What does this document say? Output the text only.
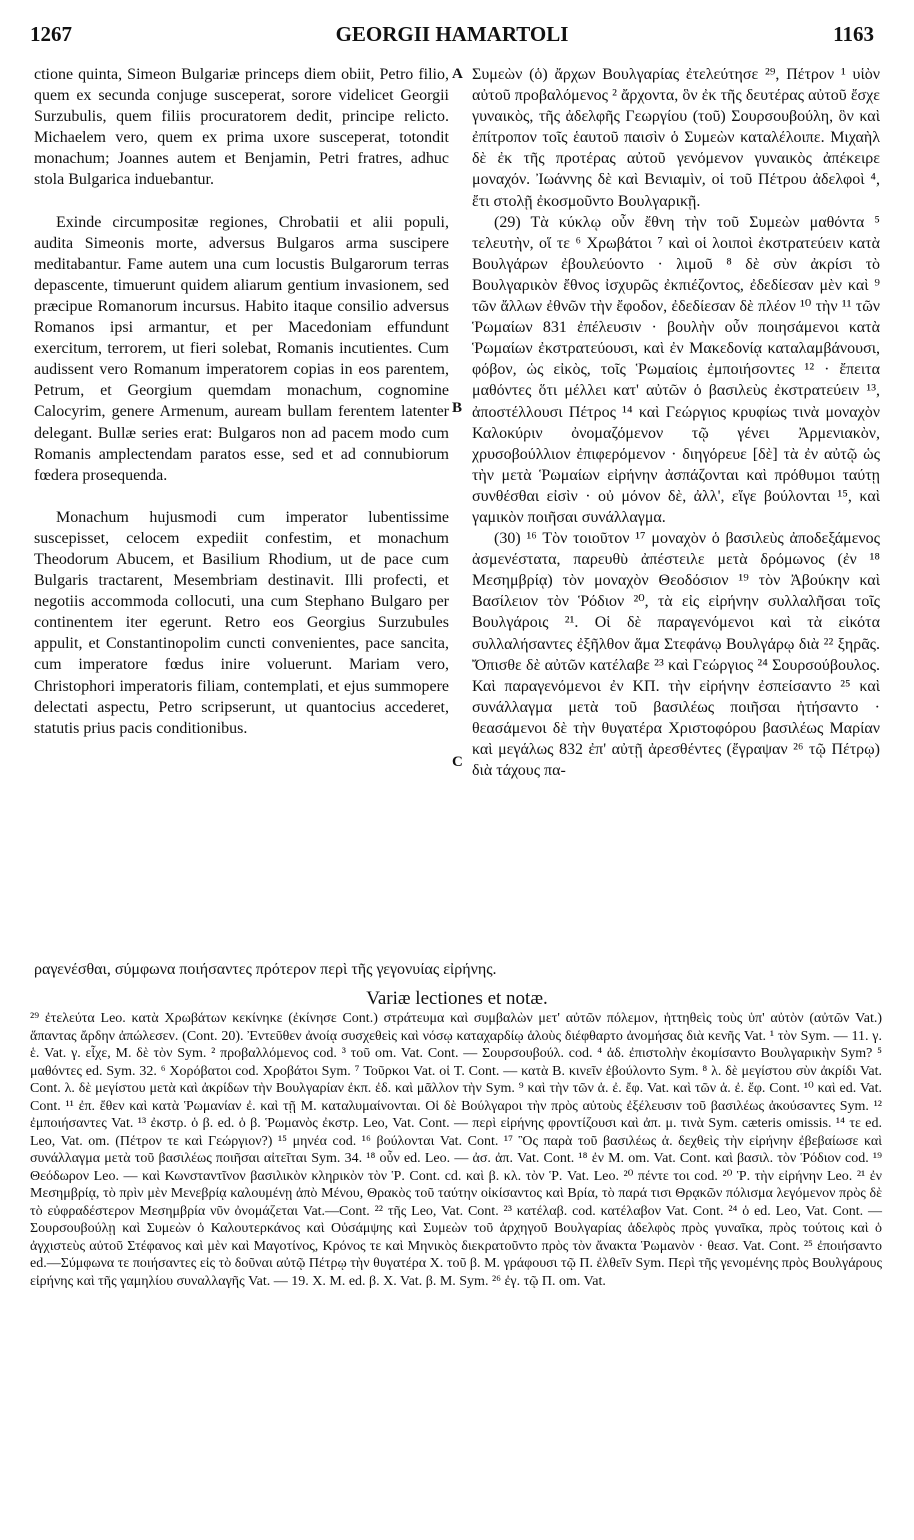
1267	GEORGII HAMARTOLI	1163
A
B
C

ctione quinta, Simeon Bulgariæ princeps diem obiit, Petro filio, quem ex secunda conjuge susceperat, sorore videlicet Georgii Surzubulis, quem filiis procuratorem dedit, principe relicto. Michaelem vero, quem ex prima uxore susceperat, totondit monachum; Joannes autem et Benjamin, Petri fratres, adhuc stola Bulgarica induebantur.

Exinde circumpositæ regiones, Chrobatii et alii populi, audita Simeonis morte, adversus Bulgaros arma suscipere meditabantur. Fame autem una cum locustis Bulgarorum terras depascente, timuerunt quidem aliarum gentium invasionem, sed præcipue Romanorum incursus. Habito itaque consilio adversus Romanos ipsi armantur, et per Macedoniam effundunt exercitum, terrorem, ut fieri solebat, Romanis incutientes. Cum audissent vero Romanum imperatorem copias in eos parentem, Petrum, et Georgium quemdam monachum, cognomine Calocyrim, genere Armenum, auream bullam ferentem latenter delegant. Bullæ series erat: Bulgaros non ad pacem modo cum Romanis amplectendam paratos esse, sed et ad connubiorum fœdera prosequenda.

Monachum hujusmodi cum imperator lubentissime suscepisset, celocem expediit confestim, et monachum Theodorum Abucem, et Basilium Rhodium, ut de pace cum Bulgaris tractarent, Mesembriam destinavit. Illi profecti, et negotiis accommoda collocuti, una cum Stephano Bulgaro per continentem iter egerunt. Retro eos Georgius Surzubules appulit, et Constantinopolim cuncti convenientes, pace sancita, cum imperatore fœdus inire voluerunt. Mariam vero, Christophori imperatoris filiam, contemplati, et ejus summopere delectati aspectu, Petro scripserunt, ut quantocius accederet, statutis prius pacis conditionibus.

Συμεὼν (ὁ) ἄρχων Βουλγαρίας ἐτελεύτησε ²⁹, Πέτρον ¹ υἱὸν αὐτοῦ προβαλόμενος ² ἄρχοντα, ὃν ἐκ τῆς δευτέρας αὐτοῦ ἔσχε γυναικὸς, τῆς ἀδελφῆς Γεωργίου (τοῦ) Σουρσουβούλη, ὃν καὶ ἐπίτροπον τοῖς ἑαυτοῦ παισὶν ὁ Συμεὼν καταλέλοιπε. Μιχαὴλ δὲ ἐκ τῆς προτέρας αὐτοῦ γενόμενον γυναικὸς ἀπέκειρε μοναχόν. Ἰωάννης δὲ καὶ Βενιαμὶν, οἱ τοῦ Πέτρου ἀδελφοὶ ⁴, ἔτι στολῇ ἐκοσμοῦντο Βουλγαρικῇ.

(29) Τὰ κύκλῳ οὖν ἔθνη τὴν τοῦ Συμεὼν μαθόντα ⁵ τελευτὴν, οἵ τε ⁶ Χρωβάτοι ⁷ καὶ οἱ λοιποὶ ἐκστρατεύειν κατὰ Βουλγάρων ἐβουλεύοντο · λιμοῦ ⁸ δὲ σὺν ἀκρίσι τὸ Βουλγαρικὸν ἔθνος ἰσχυρῶς ἐκπιέζοντος, ἐδεδίεσαν μὲν καὶ ⁹ τῶν ἄλλων ἐθνῶν τὴν ἔφοδον, ἐδεδίεσαν δὲ πλέον ¹⁰ τὴν ¹¹ τῶν Ῥωμαίων 831 ἐπέλευσιν · βουλὴν οὖν ποιησάμενοι κατὰ Ῥωμαίων ἐκστρατεύουσι, καὶ ἐν Μακεδονίᾳ καταλαμβάνουσι, φόβον, ὡς εἰκὸς, τοῖς Ῥωμαίοις ἐμποιήσοντες ¹² · ἔπειτα μαθόντες ὅτι μέλλει κατ' αὐτῶν ὁ βασιλεὺς ἐκστρατεύειν ¹³, ἀποστέλλουσι Πέτρος ¹⁴ καὶ Γεώργιος κρυφίως τινὰ μοναχὸν Καλοκύριν ὀνομαζόμενον τῷ γένει Ἀρμενιακὸν, χρυσοβούλλιον ἐπιφερόμενον · διηγόρευε [δὲ] τὰ ἐν αὐτῷ ὡς τὴν μετὰ Ῥωμαίων εἰρήνην ἀσπάζονται καὶ πρόθυμοι ταύτῃ συνθέσθαι εἰσὶν · οὐ μόνον δὲ, ἀλλ', εἴγε βούλονται ¹⁵, καὶ γαμικὸν ποιῆσαι συνάλλαγμα.

(30) ¹⁶ Τὸν τοιοῦτον ¹⁷ μοναχὸν ὁ βασιλεὺς ἀποδεξάμενος ἀσμενέστατα, παρευθὺ ἀπέστειλε μετὰ δρόμωνος (ἐν ¹⁸ Μεσημβρίᾳ) τὸν μοναχὸν Θεοδόσιον ¹⁹ τὸν Ἀβούκην καὶ Βασίλειον τὸν Ῥόδιον ²⁰, τὰ εἰς εἰρήνην συλλαλῆσαι τοῖς Βουλγάροις ²¹. Οἱ δὲ παραγενόμενοι καὶ τὰ εἰκότα συλλαλήσαντες ἐξῆλθον ἅμα Στεφάνῳ Βουλγάρῳ διὰ ²² ξηρᾶς. Ὄπισθε δὲ αὐτῶν κατέλαβε ²³ καὶ Γεώργιος ²⁴ Σουρσούβουλος. Καὶ παραγενόμενοι ἐν ΚΠ. τὴν εἰρήνην ἐσπείσαντο ²⁵ καὶ συνάλλαγμα μετὰ τοῦ βασιλέως ποιῆσαι ἠτήσαντο · θεασάμενοι δὲ τὴν θυγατέρα Χριστοφόρου βασιλέως Μαρίαν καὶ μεγάλως 832 ἐπ' αὐτῇ ἀρεσθέντες (ἔγραψαν ²⁶ τῷ Πέτρῳ) διὰ τάχους πα-

ραγενέσθαι, σύμφωνα ποιήσαντες πρότερον περὶ τῆς γεγονυίας εἰρήνης.
Variæ lectiones et notæ.

²⁹ ἐτελεύτα Leo. κατὰ Χρωβάτων κεκίνηκε (ἐκίνησε Cont.) στράτευμα καὶ συμβαλὼν μετ' αὐτῶν πόλεμον, ἡττηθεὶς τοὺς ὑπ' αὐτὸν (αὐτῶν Vat.) ἅπαντας ἄρδην ἀπώλεσεν. (Cont. 20). Ἐντεῦθεν ἀνοίᾳ συσχεθεὶς καὶ νόσῳ καταχαρδίῳ ἁλοὺς διέφθαρτο ἀνομήσας διὰ κενῆς Vat. ¹ τὸν Sym. — 11. γ. ἑ. Vat. γ. εἶχε, M. δὲ τὸν Sym. ² προβαλλόμενος cod. ³ τοῦ om. Vat. Cont. — Σουρσουβούλ. cod. ⁴ ἀδ. ἐπιστολὴν ἐκομίσαντο Βουλγαρικὴν Sym? ⁵ μαθόντες ed. Sym. 32. ⁶ Χορόβατοι cod. Χροβάτοι Sym. ⁷ Τοῦρκοι Vat. οἱ T. Cont. — κατὰ B. κινεῖν ἐβούλοντο Sym. ⁸ λ. δὲ μεγίστου σὺν ἀκρίδι Vat. Cont. λ. δὲ μεγίστου μετὰ καὶ ἀκρίδων τὴν Βουλγαρίαν ἐκπ. ἐδ. καὶ μᾶλλον τὴν Sym. ⁹ καὶ τὴν τῶν ἀ. ἐ. ἔφ. Vat. καὶ τῶν ἀ. ἐ. ἔφ. Cont. ¹⁰ καὶ ed. Vat. Cont. ¹¹ ἐπ. ἔθεν καὶ κατὰ Ῥωμανίαν ἐ. καὶ τῇ Μ. καταλυμαίνονται. Οἱ δὲ Βούλγαροι τὴν πρὸς αὐτοὺς ἐξέλευσιν τοῦ βασιλέως ἀκούσαντες Sym. ¹² ἐμποιήσαντες Vat. ¹³ ἐκστρ. ὁ β. ed. ὁ β. Ῥωμανὸς ἐκστρ. Leo, Vat. Cont. — περὶ εἰρήνης φροντίζουσι καὶ ἀπ. μ. τινὰ Sym. cæteris omissis. ¹⁴ τε ed. Leo, Vat. om. (Πέτρον τε καὶ Γεώργιον?) ¹⁵ μηνέα cod. ¹⁶ βούλονται Vat. Cont. ¹⁷ Ὃς παρὰ τοῦ βασιλέως ἀ. δεχθεὶς τὴν εἰρήνην ἐβεβαίωσε καὶ συνάλλαγμα μετὰ τοῦ βασιλέως ποιῆσαι αἰτεῖται Sym. 34. ¹⁸ οὖν ed. Leo. — ἀσ. ἀπ. Vat. Cont. ¹⁸ ἐν M. om. Vat. Cont. καὶ βασιλ. τὸν Ῥόδιον cod. ¹⁹ Θεόδωρον Leo. — καὶ Κωνσταντῖνον βασιλικὸν κληρικὸν τὸν Ῥ. Cont. cd. καὶ β. κλ. τὸν Ῥ. Vat. Leo. ²⁰ πέντε τοι cod. ²⁰ Ῥ. τὴν εἰρήνην Leo. ²¹ ἐν Μεσημβρίᾳ, τὸ πρὶν μὲν Μενεβρίᾳ καλουμένῃ ἀπὸ Μένου, Θρακὸς τοῦ ταύτην οἰκίσαντος καὶ Βρία, τὸ παρά τισι Θρᾳκῶν πόλισμα λεγόμενον πρὸς δὲ τὸ εὐφραδέστερον Μεσημβρία νῦν ὀνομάζεται Vat.—Cont. ²² τῆς Leo, Vat. Cont. ²³ κατέλαβ. cod. κατέλαβον Vat. Cont. ²⁴ ὁ ed. Leo, Vat. Cont. — Σουρσουβούλῃ καὶ Συμεὼν ὁ Καλουτερκάνος καὶ Οὐσάμψης καὶ Συμεὼν τοῦ ἀρχηγοῦ Βουλγαρίας ἀδελφὸς πρὸς γυναῖκα, πρὸς τούτοις καὶ ὁ ἀγχιστεὺς αὐτοῦ Στέφανος καὶ μὲν καὶ Μαγοτίνος, Κρόνος τε καὶ Μηνικὸς διεκρατοῦντο πρὸς τὸν ἄνακτα Ῥωμανὸν · θεασ. Vat. Cont. ²⁵ ἐποιήσαντο ed.—Σύμφωνα τε ποιήσαντες εἰς τὸ δοῦναι αὐτῷ Πέτρῳ τὴν θυγατέρα X. τοῦ β. M. γράφουσι τῷ Π. ἐλθεῖν Sym. Περὶ τῆς γενομένης πρὸς Βουλγάρους εἰρήνης καὶ τῆς γαμηλίου συναλλαγῆς Vat. — 19. X. M. ed. β. X. Vat. β. M. Sym. ²⁶ ἐγ. τῷ Π. om. Vat.
